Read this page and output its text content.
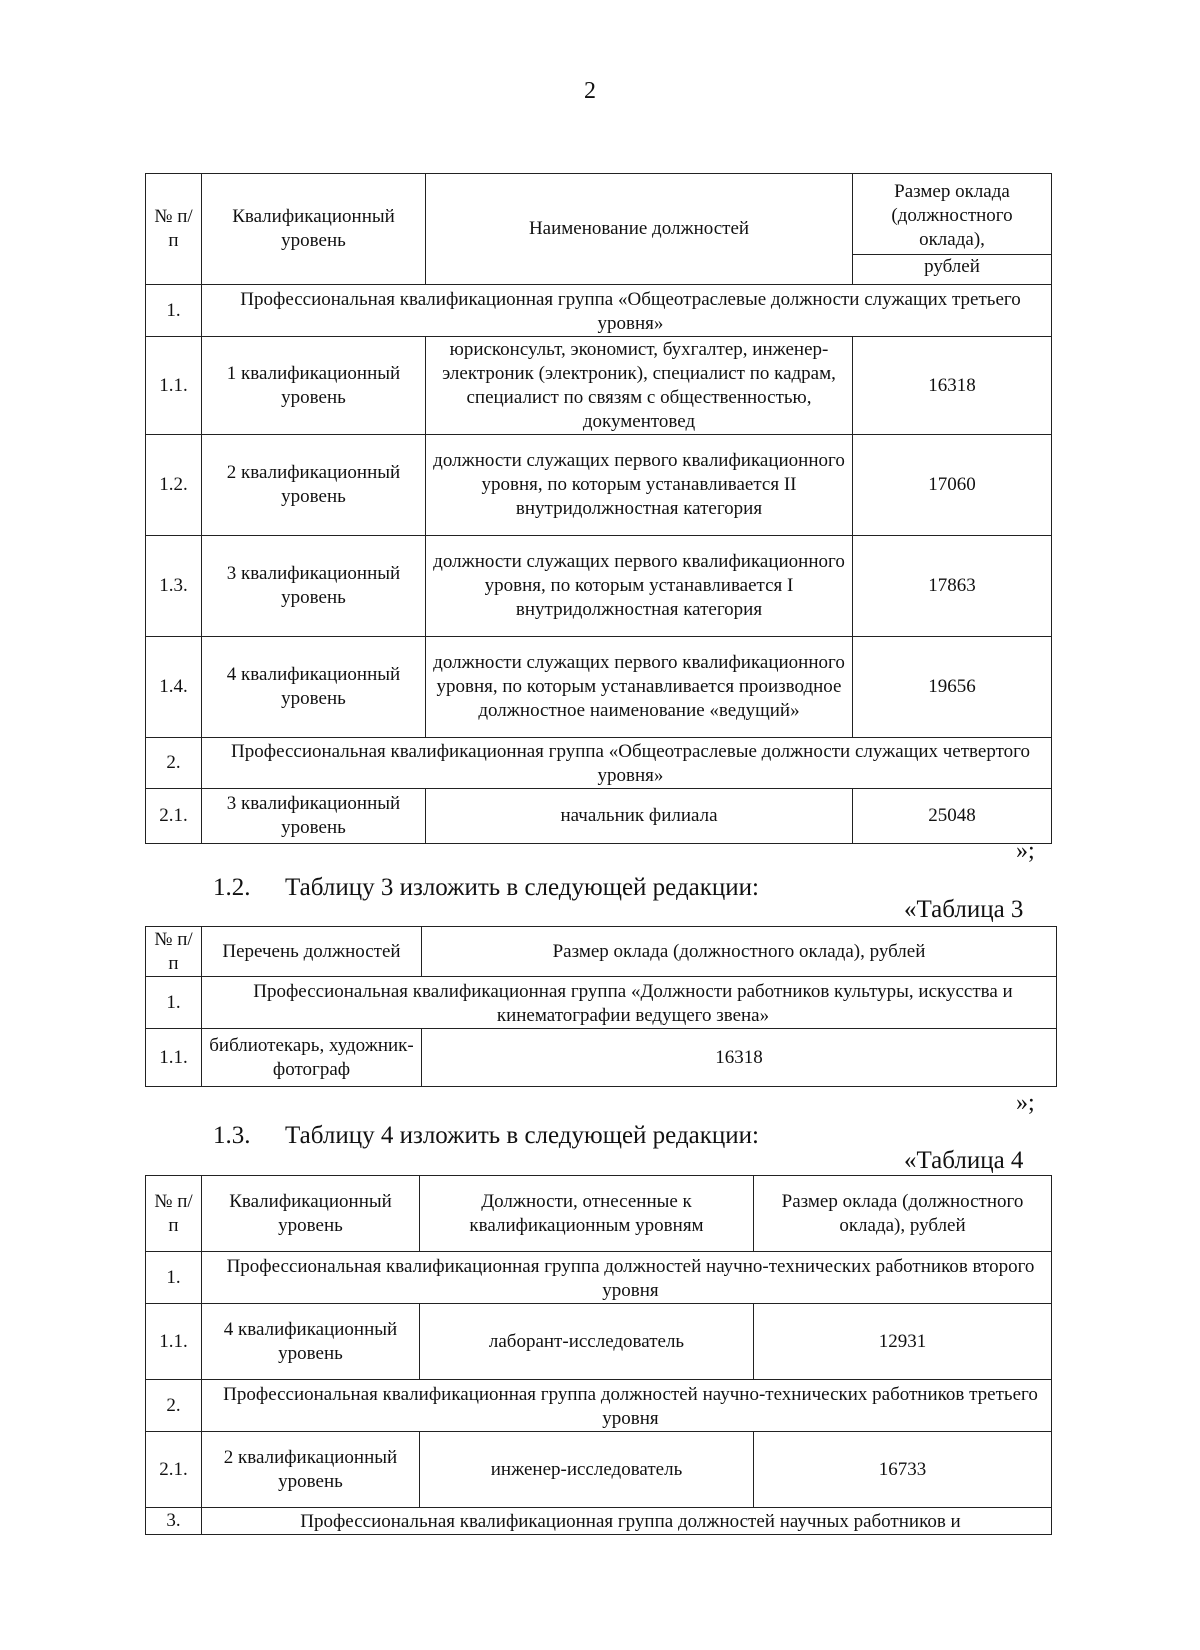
2
№ п/п	Квалификационный уровень	Наименование должностей	Размер оклада (должностного оклада),
рублей

1.	Профессиональная квалификационная группа «Общеотраслевые должности служащих третьего уровня»		
1.1.	1 квалификационный уровень	юрисконсульт, экономист, бухгалтер, инженер-электроник (электроник), специалист по кадрам, специалист по связям с общественностью, документовед	16318
1.2.	2 квалификационный уровень	должности служащих первого квалификационного уровня, по которым устанавливается II внутридолжностная категория	17060
1.3.	3 квалификационный уровень	должности служащих первого квалификационного уровня, по которым устанавливается I внутридолжностная категория	17863
1.4.	4 квалификационный уровень	должности служащих первого квалификационного уровня, по которым устанавливается производное должностное наименование «ведущий»	19656
2.	Профессиональная квалификационная группа «Общеотраслевые должности служащих четвертого уровня»		
2.1.	3 квалификационный уровень	начальник филиала	25048
»;
1.2. Таблицу 3 изложить в следующей редакции:
«Таблица 3
№ п/п	Перечень должностей	Размер оклада (должностного оклада), рублей
1.	Профессиональная квалификационная группа «Должности работников культуры, искусства и кинематографии ведущего звена»	
1.1.	библиотекарь, художник-фотограф	16318
»;
1.3. Таблицу 4 изложить в следующей редакции:
«Таблица 4
№ п/п	Квалификационный уровень	Должности, отнесенные к квалификационным уровням	Размер оклада (должностного оклада), рублей
1.	Профессиональная квалификационная группа должностей научно-технических работников второго уровня		
1.1.	4 квалификационный уровень	лаборант-исследователь	12931
2.	Профессиональная квалификационная группа должностей научно-технических работников третьего уровня		
2.1.	2 квалификационный уровень	инженер-исследователь	16733
3.	Профессиональная квалификационная группа должностей научных работников и		
